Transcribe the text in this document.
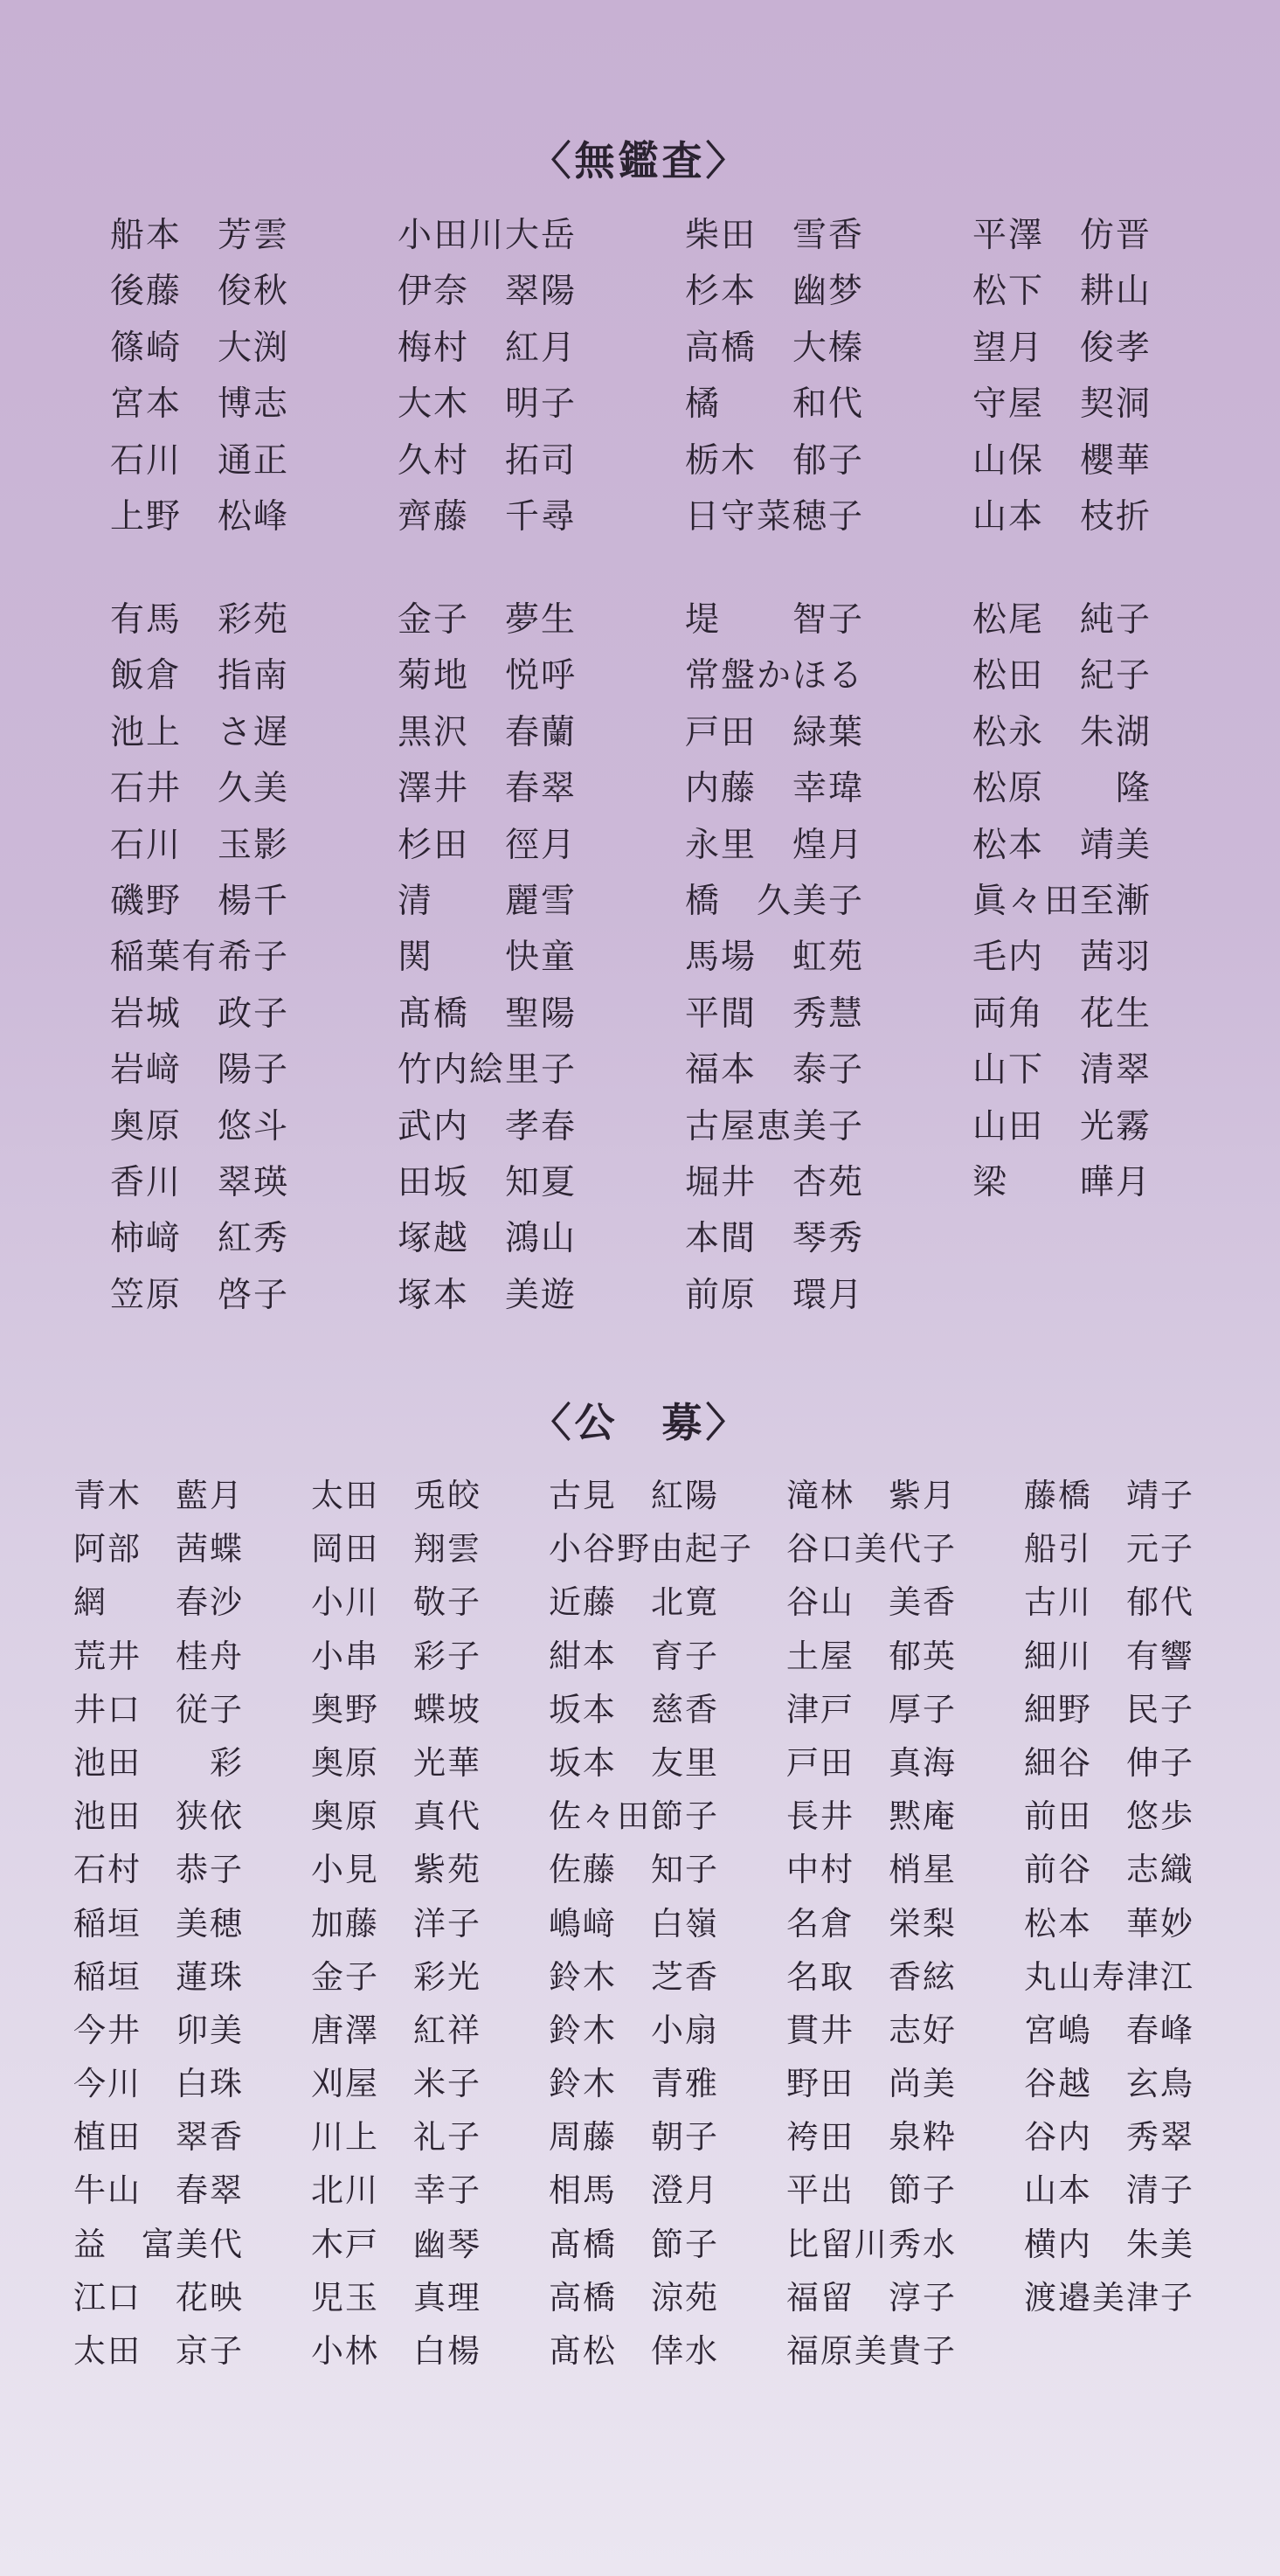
〈無鑑査〉
船本　芳雲	小田川大岳	柴田　雪香	平澤　仿晋
後藤　俊秋	伊奈　翠陽	杉本　幽梦	松下　耕山
篠崎　大渕	梅村　紅月	高橋　大榛	望月　俊孝
宮本　博志	大木　明子	橘　　和代	守屋　契洞
石川　通正	久村　拓司	栃木　郁子	山保　櫻華
上野　松峰	齊藤　千尋	日守菜穂子	山本　枝折
有馬　彩苑	金子　夢生	堤　　智子	松尾　純子
飯倉　指南	菊地　悦呼	常盤かほる	松田　紀子
池上　さ遅	黒沢　春蘭	戸田　緑葉	松永　朱湖
石井　久美	澤井　春翠	内藤　幸瑋	松原　　隆
石川　玉影	杉田　徑月	永里　煌月	松本　靖美
磯野　楊千	清　　麗雪	橋　久美子	眞々田至漸
稲葉有希子	関　　快童	馬場　虹苑	毛内　茜羽
岩城　政子	髙橋　聖陽	平間　秀慧	両角　花生
岩﨑　陽子	竹内絵里子	福本　泰子	山下　清翠
奥原　悠斗	武内　孝春	古屋恵美子	山田　光霧
香川　翠瑛	田坂　知夏	堀井　杏苑	梁　　曄月
柿﨑　紅秀	塚越　鴻山	本間　琴秀
笠原　啓子	塚本　美遊	前原　環月
〈公　募〉
青木　藍月	太田　兎皎	古見　紅陽	滝林　紫月	藤橋　靖子
阿部　茜蝶	岡田　翔雲	小谷野由起子	谷口美代子	船引　元子
網　　春沙	小川　敬子	近藤　北寛	谷山　美香	古川　郁代
荒井　桂舟	小串　彩子	紺本　育子	土屋　郁英	細川　有響
井口　従子	奥野　蝶坡	坂本　慈香	津戸　厚子	細野　民子
池田　　彩	奥原　光華	坂本　友里	戸田　真海	細谷　伸子
池田　狭依	奥原　真代	佐々田節子	長井　黙庵	前田　悠歩
石村　恭子	小見　紫苑	佐藤　知子	中村　梢星	前谷　志織
稲垣　美穂	加藤　洋子	嶋﨑　白嶺	名倉　栄梨	松本　華妙
稲垣　蓮珠	金子　彩光	鈴木　芝香	名取　香絃	丸山寿津江
今井　卯美	唐澤　紅祥	鈴木　小扇	貫井　志好	宮嶋　春峰
今川　白珠	刈屋　米子	鈴木　青雅	野田　尚美	谷越　玄鳥
植田　翠香	川上　礼子	周藤　朝子	袴田　泉粋	谷内　秀翠
牛山　春翠	北川　幸子	相馬　澄月	平出　節子	山本　清子
益　富美代	木戸　幽琴	髙橋　節子	比留川秀水	横内　朱美
江口　花映	児玉　真理	高橋　涼苑	福留　淳子	渡邉美津子
太田　京子	小林　白楊	髙松　倖水	福原美貴子
